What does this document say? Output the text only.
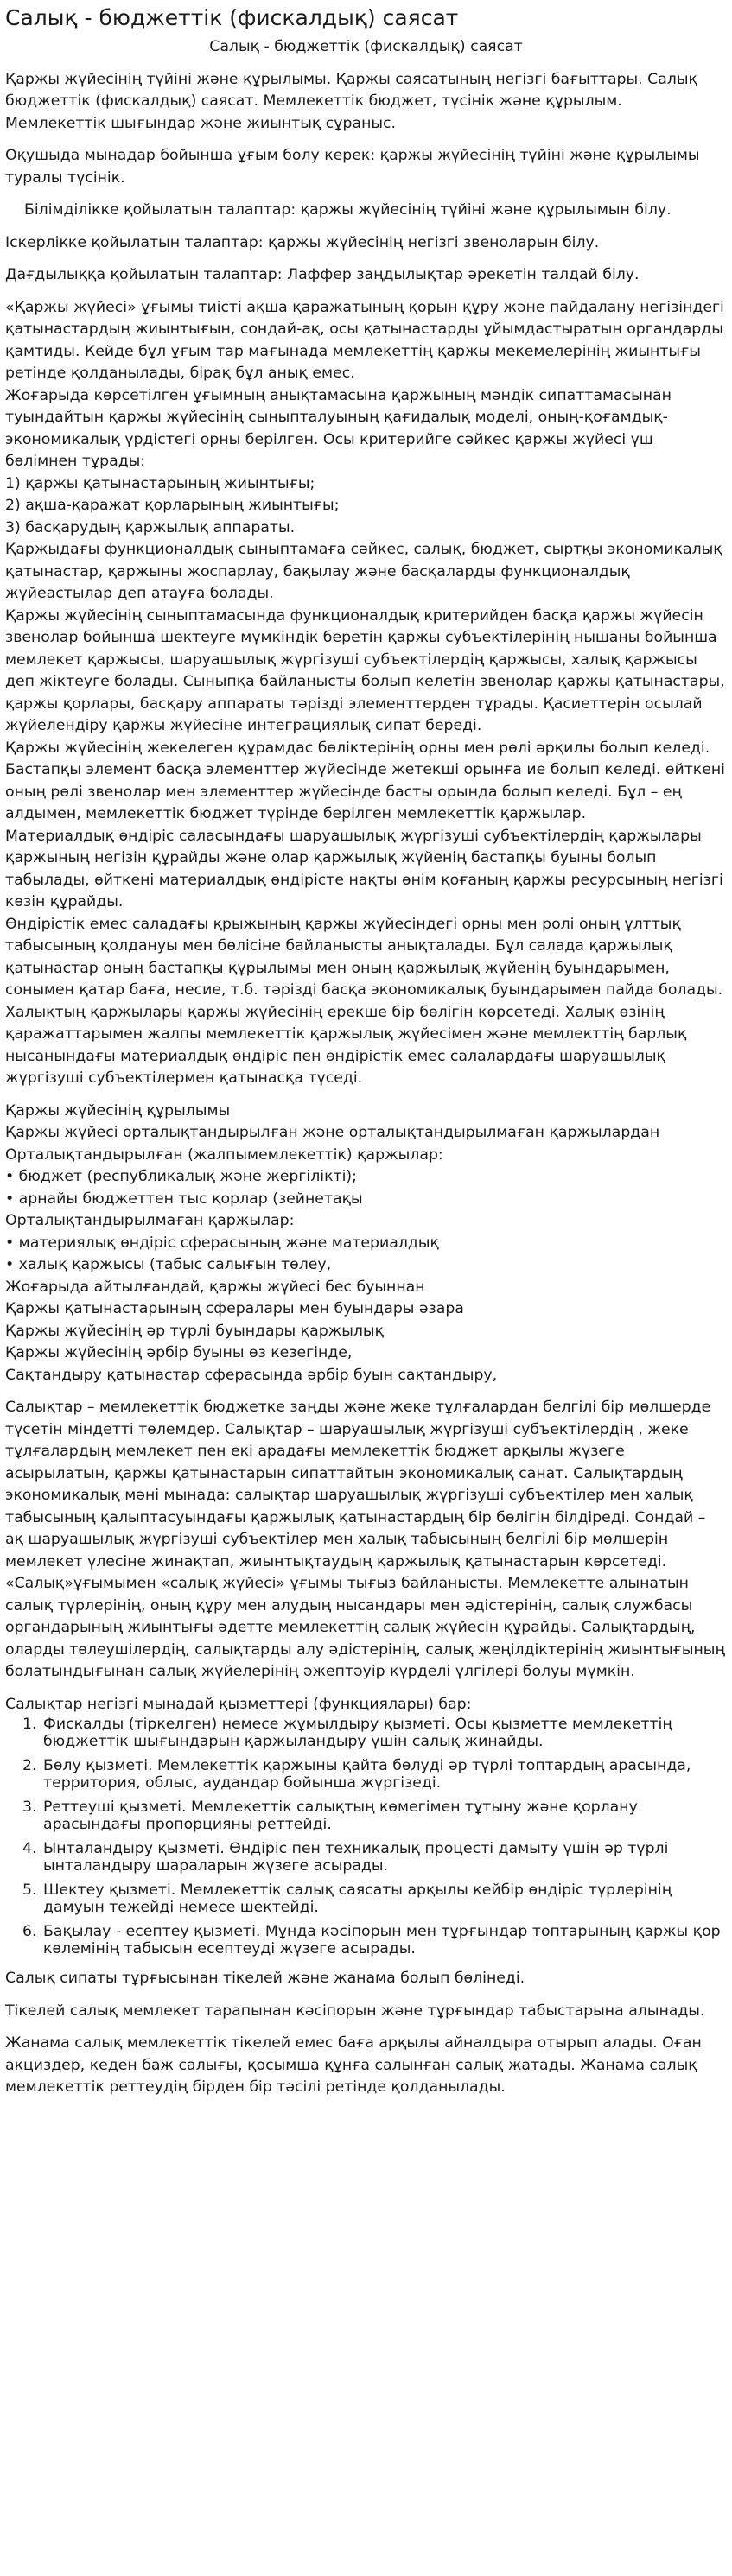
Салық - бюджеттік (фискалдық) саясат
Салық - бюджеттік (фискалдық) саясат

Қаржы жүйесінің түйіні және құрылымы. Қаржы саясатының негізгі бағыттары. Салық бюджеттік (фискалдық) саясат. Мемлекеттік бюджет, түсінік және құрылым. Мемлекеттік шығындар және жиынтық сұраныс.

Оқушыда мынадар бойынша ұғым болу керек: қаржы жүйесінің түйіні және құрылымы туралы түсінік.

Білімділікке қойылатын талаптар: қаржы жүйесінің түйіні және құрылымын білу.

Іскерлікке қойылатын талаптар: қаржы жүйесінің негізгі звеноларын білу.

Дағдылыққа қойылатын талаптар: Лаффер заңдылықтар әрекетін талдай білу.

«Қаржы жүйесі» ұғымы тиісті ақша қаражатының қорын құру және пайдалану негізіндегі қатынастардың жиынтығын, сондай-ақ, осы қатынастарды ұйымдастыратын органдарды қамтиды. Кейде бұл ұғым тар мағынада мемлекеттің қаржы мекемелерінің жиынтығы ретінде қолданылады, бірақ бұл анық емес.

Жоғарыда көрсетілген ұғымның анықтамасына қаржының мәндік сипаттамасынан туындайтын қаржы жүйесінің сыныпталуының қағидалық моделі, оның-қоғамдық-экономикалық үрдістегі орны берілген. Осы критерийге сәйкес қаржы жүйесі үш бөлімнен тұрады:

1) қаржы қатынастарының жиынтығы;
2) ақша-қаражат қорларының жиынтығы;
3) басқарудың қаржылық аппараты.

Қаржыдағы функционалдық сыныптамаға сәйкес, салық, бюджет, сыртқы экономикалық қатынастар, қаржыны жоспарлау, бақылау және басқаларды функционалдық жүйеастылар деп атауға болады.

Қаржы жүйесінің сыныптамасында функционалдық критерийден басқа қаржы жүйесін звенолар бойынша шектеуге мүмкіндік беретін қаржы субъектілерінің нышаны бойынша мемлекет қаржысы, шаруашылық жүргізуші субъектілердің қаржысы, халық қаржысы деп жіктеуге болады. Сыныпқа байланысты болып келетін звенолар қаржы қатынастары, қаржы қорлары, басқару аппараты тәрізді элементтерден тұрады. Қасиеттерін осылай жүйелендіру қаржы жүйесіне интеграциялық сипат береді.

Қаржы жүйесінің жекелеген құрамдас бөліктерінің орны мен рөлі әрқилы болып келеді. Бастапқы элемент басқа элементтер жүйесінде жетекші орынға ие болып келеді. өйткені оның рөлі звенолар мен элементтер жүйесінде басты орында болып келеді. Бұл – ең алдымен, мемлекеттік бюджет түрінде берілген мемлекеттік қаржылар.

Материалдық өндіріс саласындағы шаруашылық жүргізуші субъектілердің қаржылары қаржының негізін құрайды және олар қаржылық жүйенің бастапқы буыны болып табылады, өйткені материалдық өндірісте нақты өнім қоғаның қаржы ресурсының негізгі көзін құрайды.

Өндірістік емес саладағы қрыжының қаржы жүйесіндегі орны мен ролі оның ұлттық табысының қолдануы мен бөлісіне байланысты анықталады. Бұл салада қаржылық қатынастар оның бастапқы құрылымы мен оның қаржылық жүйенің буындарымен, сонымен қатар баға, несие, т.б. тәрізді басқа экономикалық буындарымен пайда болады.

Халықтың қаржылары қаржы жүйесінің ерекше бір бөлігін көрсетеді. Халық өзінің қаражаттарымен жалпы мемлекеттік қаржылық жүйесімен және мемлекттің барлық нысанындағы материалдық өндіріс пен өндірістік емес салалардағы шаруашылық жүргізуші субъектілермен қатынасқа түседі.

Қаржы жүйесінің құрылымы
Қаржы жүйесі орталықтандырылған және орталықтандырылмаған қаржылардан
Орталықтандырылған (жалпымемлекеттік) қаржылар:
• бюджет (республикалық және жергілікті);
• арнайы бюджеттен тыс қорлар (зейнетақы
Орталықтандырылмаған қаржылар:
• материялық өндіріс сферасының және материалдық
• халық қаржысы (табыс салығын төлеу,
Жоғарыда айтылғандай, қаржы жүйесі бес буыннан
Қаржы қатынастарының сфералары мен буындары әзара
Қаржы жүйесінің әр түрлі буындары қаржылық
Қаржы жүйесінің әрбір буыны өз кезегінде,
Сақтандыру қатынастар сферасында әрбір буын сақтандыру,

Салықтар – мемлекеттік бюджетке заңды және жеке тұлғалардан белгілі бір мөлшерде түсетін міндетті төлемдер. Салықтар – шаруашылық жүргізуші субъектілердің , жеке тұлғалардың мемлекет пен екі арадағы мемлекеттік бюджет арқылы жүзеге асырылатын, қаржы қатынастарын сипаттайтын экономикалық санат. Салықтардың экономикалық мәні мынада: салықтар шаруашылық жүргізуші субъектілер мен халық табысының қалыптасуындағы қаржылық қатынастардың бір бөлігін білдіреді. Сондай – ақ шаруашылық жүргізуші субъектілер мен халық табысының белгілі бір мөлшерін мемлекет үлесіне жинақтап, жиынтықтаудың қаржылық қатынастарын көрсетеді. «Салық»ұғымымен «салық жүйесі» ұғымы тығыз байланысты. Мемлекетте алынатын салық түрлерінің, оның құру мен алудың нысандары мен әдістерінің, салық службасы органдарының жиынтығы әдетте мемлекеттің салық жүйесін құрайды. Салықтардың, оларды төлеушілердің, салықтарды алу әдістерінің, салық жеңілдіктерінің жиынтығының болатындығынан салық жүйелерінің әжептәуір күрделі үлгілері болуы мүмкін.

Салықтар негізгі мынадай қызметтері (функциялары) бар:

1. Фискалды (тіркелген) немесе жұмылдыру қызметі. Осы қызметте мемлекеттің бюджеттік шығындарын қаржыландыру үшін салық жинайды.
2. Бөлу қызметі. Мемлекеттік қаржыны қайта бөлуді әр түрлі топтардың арасында, территория, облыс, аудандар бойынша жүргізеді.
3. Реттеуші қызметі. Мемлекеттік салықтың көмегімен тұтыну және қорлану арасындағы пропорцияны реттейді.
4. Ынталандыру қызметі. Өндіріс пен техникалық процесті дамыту үшін әр түрлі ынталандыру шараларын жүзеге асырады.
5. Шектеу қызметі. Мемлекеттік салық саясаты арқылы кейбір өндіріс түрлерінің дамуын тежейді немесе шектейді.
6. Бақылау - есептеу қызметі. Мұнда кәсіпорын мен тұрғындар топтарының қаржы қор көлемінің табысын есептеуді жүзеге асырады.

Салық сипаты тұрғысынан тікелей және жанама болып бөлінеді.

Тікелей салық мемлекет тарапынан кәсіпорын және тұрғындар табыстарына алынады.

Жанама салық мемлекеттік тікелей емес баға арқылы айналдыра отырып алады. Оған акциздер, кеден баж салығы, қосымша құнға салынған салық жатады. Жанама салық мемлекеттік реттеудің бірден бір тәсілі ретінде қолданылады.
